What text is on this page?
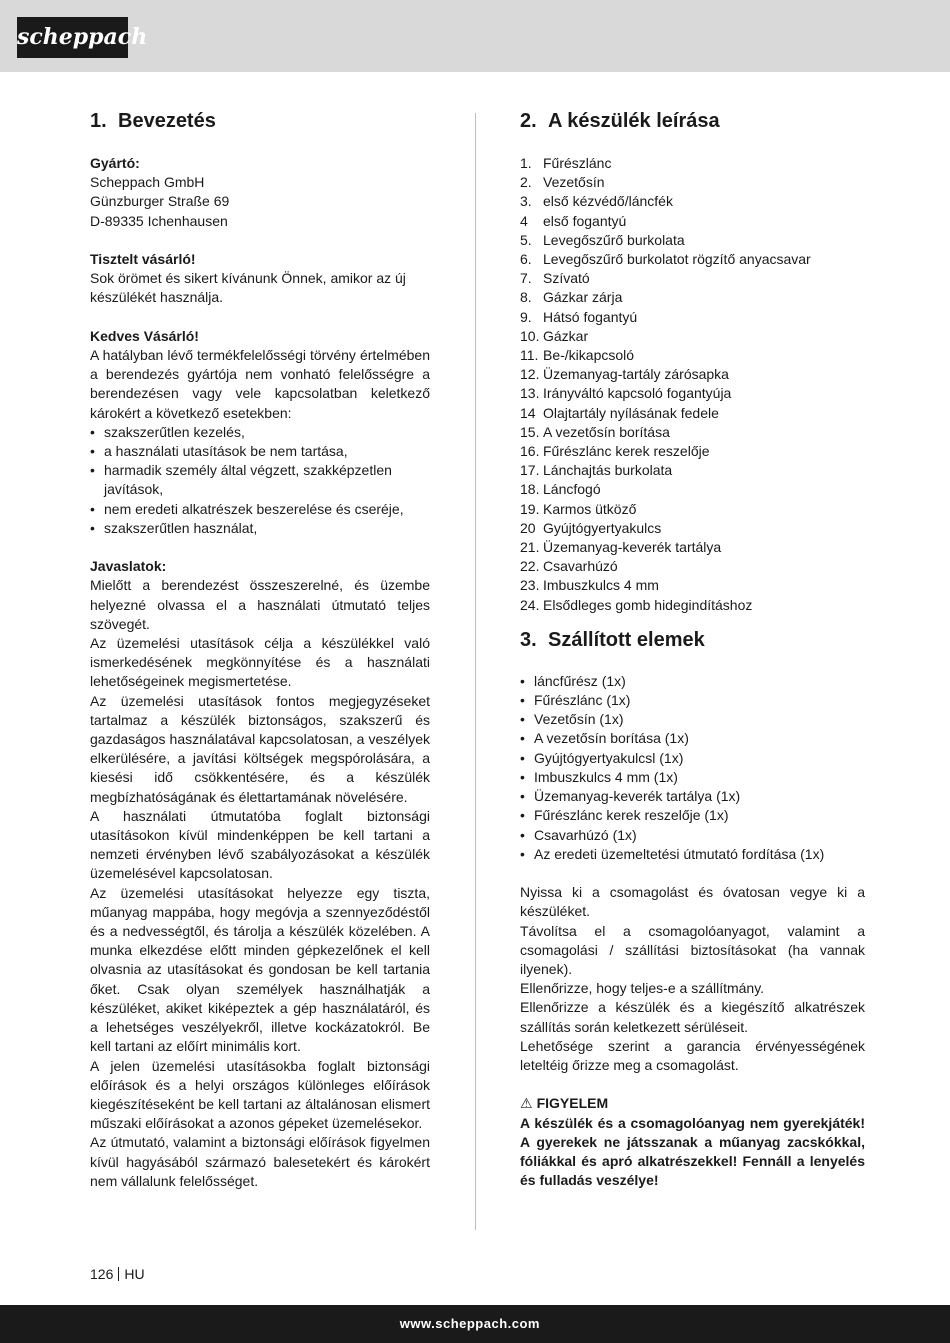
scheppach
1. Bevezetés

Gyártó:

Scheppach GmbH

Günzburger Straße 69

D-89335 Ichenhausen

Tisztelt vásárló!

Sok örömet és sikert kívánunk Önnek, amikor az új készülékét használja.

Kedves Vásárló!

A hatályban lévő termékfelelősségi törvény értelmében a berendezés gyártója nem vonható felelősségre a berendezésen vagy vele kapcsolatban keletkező károkért a következő esetekben:

• szakszerűtlen kezelés,
• a használati utasítások be nem tartása,
• harmadik személy által végzett, szakképzetlen javítások,
• nem eredeti alkatrészek beszerelése és cseréje,
• szakszerűtlen használat,

Javaslatok:

Mielőtt a berendezést összeszerelné, és üzembe helyezné olvassa el a használati útmutató teljes szövegét.

Az üzemelési utasítások célja a készülékkel való ismerkedésének megkönnyítése és a használati lehetőségeinek megismertetése.

Az üzemelési utasítások fontos megjegyzéseket tartalmaz a készülék biztonságos, szakszerű és gazdaságos használatával kapcsolatosan, a veszélyek elkerülésére, a javítási költségek megspórolására, a kiesési idő csökkentésére, és a készülék megbízhatóságának és élettartamának növelésére.

A használati útmutatóba foglalt biztonsági utasításokon kívül mindenképpen be kell tartani a nemzeti érvényben lévő szabályozásokat a készülék üzemelésével kapcsolatosan.

Az üzemelési utasításokat helyezze egy tiszta, műanyag mappába, hogy megóvja a szennyeződéstől és a nedvességtől, és tárolja a készülék közelében. A munka elkezdése előtt minden gépkezelőnek el kell olvasnia az utasításokat és gondosan be kell tartania őket. Csak olyan személyek használhatják a készüléket, akiket kiképeztek a gép használatáról, és a lehetséges veszélyekről, illetve kockázatokról. Be kell tartani az előírt minimális kort.

A jelen üzemelési utasításokba foglalt biztonsági előírások és a helyi országos különleges előírások kiegészítéseként be kell tartani az általánosan elismert műszaki előírásokat a azonos gépeket üzemelésekor.

Az útmutató, valamint a biztonsági előírások figyelmen kívül hagyásából származó balesetekért és károkért nem vállalunk felelősséget.

2. A készülék leírása
1. Fűrészlánc
2. Vezetősín
3. első kézvédő/láncfék
4 első fogantyú
5. Levegőszűrő burkolata
6. Levegőszűrő burkolatot rögzítő anyacsavar
7. Szívató
8. Gázkar zárja
9. Hátsó fogantyú
10. Gázkar
11. Be-/kikapcsoló
12. Üzemanyag-tartály zárósapka
13. Irányváltó kapcsoló fogantyúja
14 Olajtartály nyílásának fedele
15. A vezetősín borítása
16. Fűrészlánc kerek reszelője
17. Lánchajtás burkolata
18. Láncfogó
19. Karmos ütköző
20 Gyújtógyertyakulcs
21. Üzemanyag-keverék tartálya
22. Csavarhúzó
23. Imbuszkulcs 4 mm
24. Elsődleges gomb hidegindításhoz
3. Szállított elemek
• láncfűrész (1x)
• Fűrészlánc (1x)
• Vezetősín (1x)
• A vezetősín borítása (1x)
• Gyújtógyertyakulcsl (1x)
• Imbuszkulcs 4 mm (1x)
• Üzemanyag-keverék tartálya (1x)
• Fűrészlánc kerek reszelője (1x)
• Csavarhúzó (1x)
• Az eredeti üzemeltetési útmutató fordítása (1x)

Nyissa ki a csomagolást és óvatosan vegye ki a készüléket.

Távolítsa el a csomagolóanyagot, valamint a csomagolási / szállítási biztosításokat (ha vannak ilyenek).

Ellenőrizze, hogy teljes-e a szállítmány.

Ellenőrizze a készülék és a kiegészítő alkatrészek szállítás során keletkezett sérüléseit.

Lehetősége szerint a garancia érvényességének leteltéig őrizze meg a csomagolást.

⚠ FIGYELEM

A készülék és a csomagolóanyag nem gyerekjáték! A gyerekek ne játsszanak a műanyag zacskókkal, fóliákkal és apró alkatrészekkel! Fennáll a lenyelés és fulladás veszélye!

126 HU
www.scheppach.com
